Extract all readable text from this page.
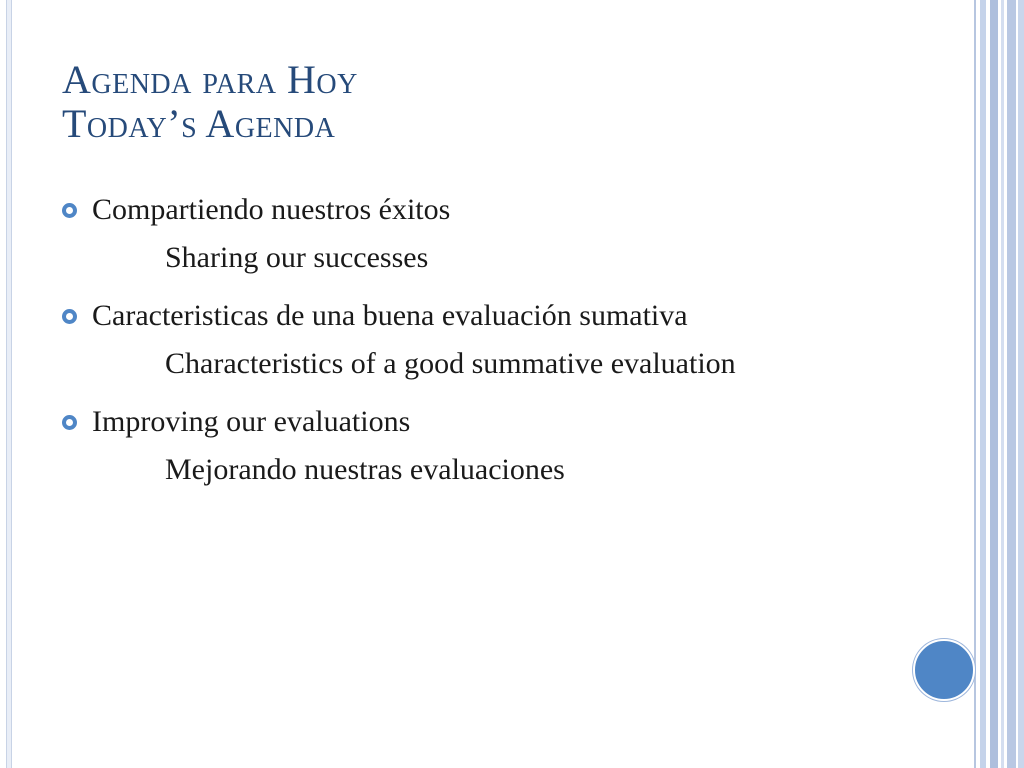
Agenda para Hoy
Today’s Agenda
Compartiendo nuestros éxitos
Sharing our successes
Caracteristicas de una buena evaluación sumativa
Characteristics of a good summative evaluation
Improving our evaluations
Mejorando nuestras evaluaciones
